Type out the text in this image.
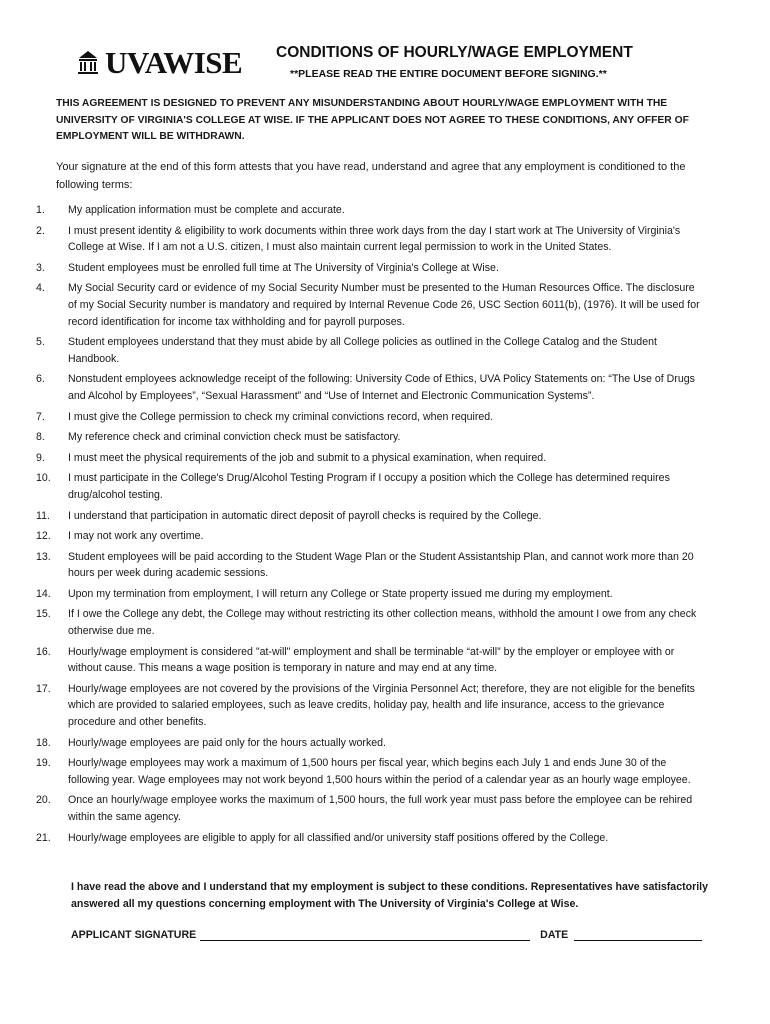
UVAWISE CONDITIONS OF HOURLY/WAGE EMPLOYMENT
**PLEASE READ THE ENTIRE DOCUMENT BEFORE SIGNING.**

THIS AGREEMENT IS DESIGNED TO PREVENT ANY MISUNDERSTANDING ABOUT HOURLY/WAGE EMPLOYMENT WITH THE UNIVERSITY OF VIRGINIA'S COLLEGE AT WISE. IF THE APPLICANT DOES NOT AGREE TO THESE CONDITIONS, ANY OFFER OF EMPLOYMENT WILL BE WITHDRAWN.

Your signature at the end of this form attests that you have read, understand and agree that any employment is conditioned to the following terms:

1.	My application information must be complete and accurate.
2.	I must present identity & eligibility to work documents within three work days from the day I start work at The University of Virginia's College at Wise. If I am not a U.S. citizen, I must also maintain current legal permission to work in the United States.
3.	Student employees must be enrolled full time at The University of Virginia's College at Wise.
4.	My Social Security card or evidence of my Social Security Number must be presented to the Human Resources Office. The disclosure of my Social Security number is mandatory and required by Internal Revenue Code 26, USC Section 6011(b), (1976). It will be used for record identification for income tax withholding and for payroll purposes.
5.	Student employees understand that they must abide by all College policies as outlined in the College Catalog and the Student Handbook.
6.	Nonstudent employees acknowledge receipt of the following: University Code of Ethics, UVA Policy Statements on: “The Use of Drugs and Alcohol by Employees”, “Sexual Harassment” and “Use of Internet and Electronic Communication Systems”.
7.	I must give the College permission to check my criminal convictions record, when required.
8.	My reference check and criminal conviction check must be satisfactory.
9.	I must meet the physical requirements of the job and submit to a physical examination, when required.
10.	I must participate in the College's Drug/Alcohol Testing Program if I occupy a position which the College has determined requires drug/alcohol testing.
11.	I understand that participation in automatic direct deposit of payroll checks is required by the College.
12.	I may not work any overtime.
13.	Student employees will be paid according to the Student Wage Plan or the Student Assistantship Plan, and cannot work more than 20 hours per week during academic sessions.
14.	Upon my termination from employment, I will return any College or State property issued me during my employment.
15.	If I owe the College any debt, the College may without restricting its other collection means, withhold the amount I owe from any check otherwise due me.
16.	Hourly/wage employment is considered "at-will" employment and shall be terminable “at-will” by the employer or employee with or without cause. This means a wage position is temporary in nature and may end at any time.
17.	Hourly/wage employees are not covered by the provisions of the Virginia Personnel Act; therefore, they are not eligible for the benefits which are provided to salaried employees, such as leave credits, holiday pay, health and life insurance, access to the grievance procedure and other benefits.
18.	Hourly/wage employees are paid only for the hours actually worked.
19.	Hourly/wage employees may work a maximum of 1,500 hours per fiscal year, which begins each July 1 and ends June 30 of the following year. Wage employees may not work beyond 1,500 hours within the period of a calendar year as an hourly wage employee.
20.	Once an hourly/wage employee works the maximum of 1,500 hours, the full work year must pass before the employee can be rehired within the same agency.
21.	Hourly/wage employees are eligible to apply for all classified and/or university staff positions offered by the College.

I have read the above and I understand that my employment is subject to these conditions. Representatives have satisfactorily answered all my questions concerning employment with The University of Virginia's College at Wise.

APPLICANT SIGNATURE	DATE
